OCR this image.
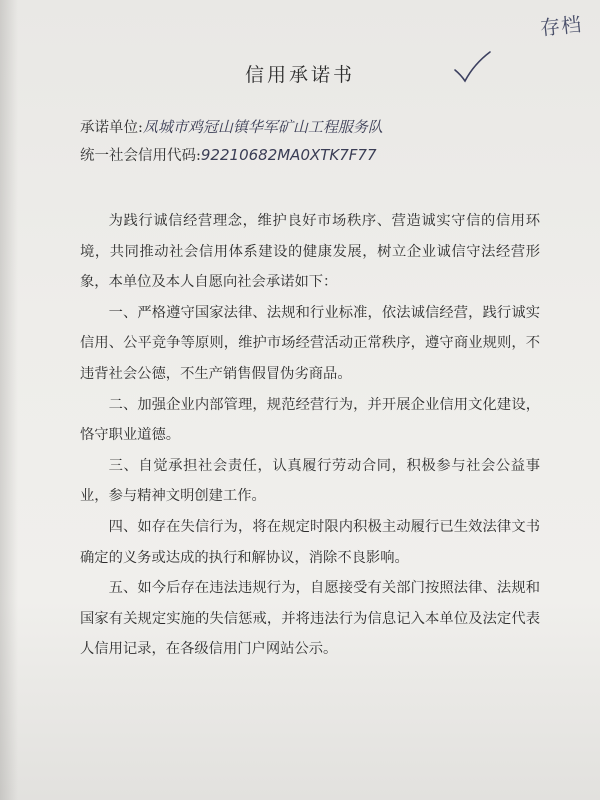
存档
信用承诺书
承诺单位:凤城市鸡冠山镇华军矿山工程服务队
统一社会信用代码:92210682MA0XTK7F77

为践行诚信经营理念，维护良好市场秩序、营造诚实守信的信用环境，共同推动社会信用体系建设的健康发展，树立企业诚信守法经营形象，本单位及本人自愿向社会承诺如下：

一、严格遵守国家法律、法规和行业标准，依法诚信经营，践行诚实信用、公平竞争等原则，维护市场经营活动正常秩序，遵守商业规则，不违背社会公德，不生产销售假冒伪劣商品。

二、加强企业内部管理，规范经营行为，并开展企业信用文化建设，恪守职业道德。

三、自觉承担社会责任，认真履行劳动合同，积极参与社会公益事业，参与精神文明创建工作。

四、如存在失信行为，将在规定时限内积极主动履行已生效法律文书确定的义务或达成的执行和解协议，消除不良影响。

五、如今后存在违法违规行为，自愿接受有关部门按照法律、法规和国家有关规定实施的失信惩戒，并将违法行为信息记入本单位及法定代表人信用记录，在各级信用门户网站公示。
